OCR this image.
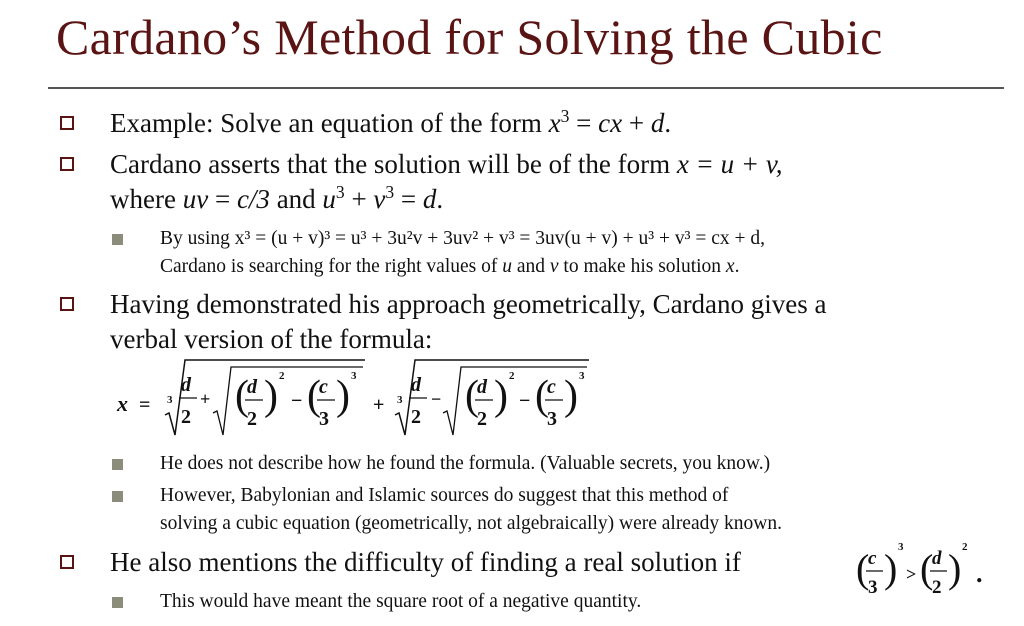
Cardano’s Method for Solving the Cubic
Example: Solve an equation of the form $x^3$ = cx + d.
Cardano asserts that the solution will be of the form x = u + v,
where uv = c/3 and $u^3 + v^3 = d$.
By using x³ = (u + v)³ = u³ + 3u²v + 3uv² + v³ = 3uv(u + v) + u³ + v³ = cx + d,
Cardano is searching for the right values of u and v to make his solution x.
Having demonstrated his approach geometrically, Cardano gives a
verbal version of the formula:
x = 3
d
2
+ (
d
2 ) 2
− (
c
3 ) 3
+ 3
d
2
− (
d
2 ) 2
− (
c
3 ) 3
He does not describe how he found the formula. (Valuable secrets, you know.)
However, Babylonian and Islamic sources do suggest that this method of
solving a cubic equation (geometrically, not algebraically) were already known.
He also mentions the difficulty of finding a real solution if	(
c
3 ) 3
> (
d
2 ) 2
.
This would have meant the square root of a negative quantity.
